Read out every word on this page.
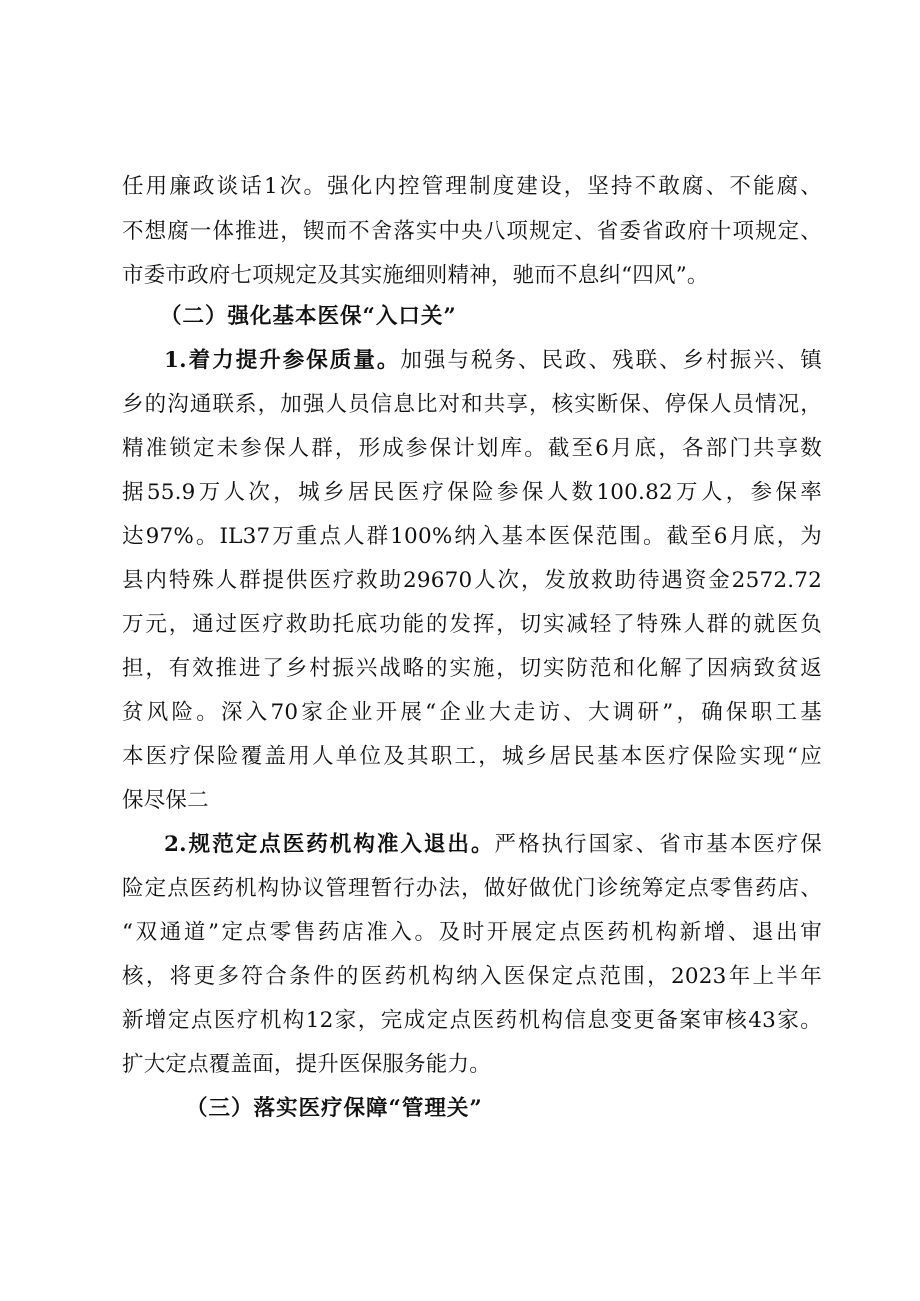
任用廉政谈话1次。强化内控管理制度建设，坚持不敢腐、不能腐、
不想腐一体推进，锲而不舍落实中央八项规定、省委省政府十项规定、
市委市政府七项规定及其实施细则精神，驰而不息纠“四风”。
（二）强化基本医保“入口关”
1.着力提升参保质量。加强与税务、民政、残联、乡村振兴、镇
乡的沟通联系，加强人员信息比对和共享，核实断保、停保人员情况，
精准锁定未参保人群，形成参保计划库。截至6月底，各部门共享数
据55.9万人次，城乡居民医疗保险参保人数100.82万人，参保率
达97%。IL37万重点人群100%纳入基本医保范围。截至6月底，为
县内特殊人群提供医疗救助29670人次，发放救助待遇资金2572.72
万元，通过医疗救助托底功能的发挥，切实减轻了特殊人群的就医负
担，有效推进了乡村振兴战略的实施，切实防范和化解了因病致贫返
贫风险。深入70家企业开展“企业大走访、大调研”，确保职工基
本医疗保险覆盖用人单位及其职工，城乡居民基本医疗保险实现“应
保尽保二
2.规范定点医药机构准入退出。严格执行国家、省市基本医疗保
险定点医药机构协议管理暂行办法，做好做优门诊统筹定点零售药店、
“双通道”定点零售药店准入。及时开展定点医药机构新增、退出审
核，将更多符合条件的医药机构纳入医保定点范围，2023年上半年
新增定点医疗机构12家，完成定点医药机构信息变更备案审核43家。
扩大定点覆盖面，提升医保服务能力。
（三）落实医疗保障“管理关”
